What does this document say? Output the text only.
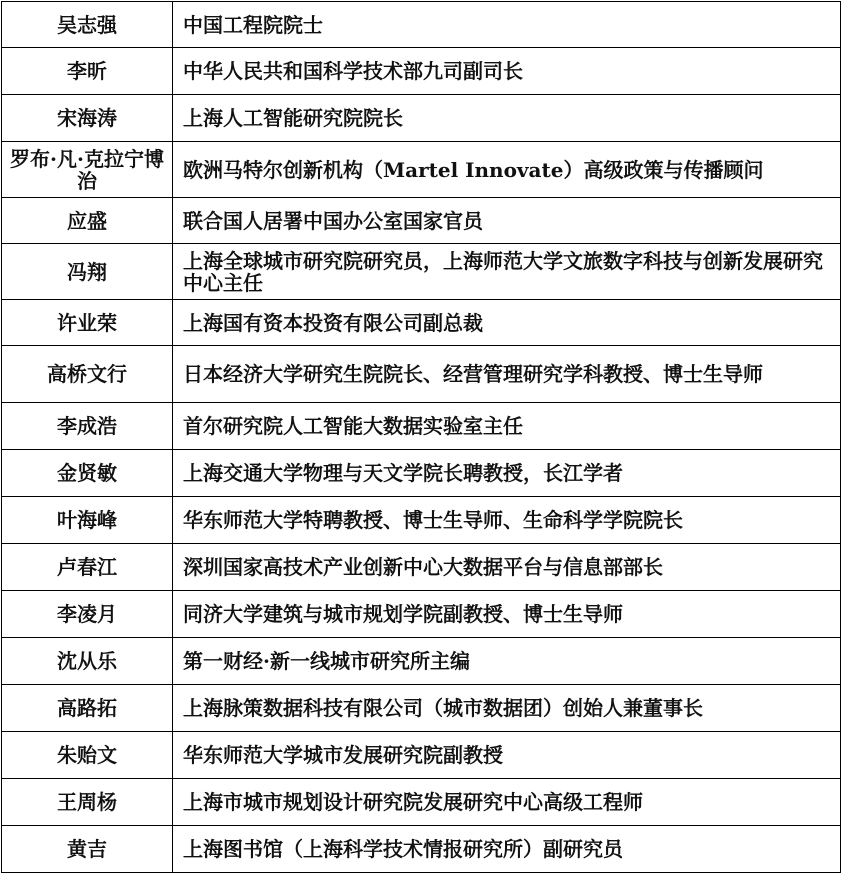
吴志强	中国工程院院士
李昕	中华人民共和国科学技术部九司副司长
宋海涛	上海人工智能研究院院长
罗布·凡·克拉宁博治	欧洲马特尔创新机构（Martel Innovate）高级政策与传播顾问
应盛	联合国人居署中国办公室国家官员
冯翔	上海全球城市研究院研究员，上海师范大学文旅数字科技与创新发展研究中心主任
许业荣	上海国有资本投资有限公司副总裁
高桥文行	日本经济大学研究生院院长、经营管理研究学科教授、博士生导师
李成浩	首尔研究院人工智能大数据实验室主任
金贤敏	上海交通大学物理与天文学院长聘教授，长江学者
叶海峰	华东师范大学特聘教授、博士生导师、生命科学学院院长
卢春江	深圳国家高技术产业创新中心大数据平台与信息部部长
李凌月	同济大学建筑与城市规划学院副教授、博士生导师
沈从乐	第一财经·新一线城市研究所主编
高路拓	上海脉策数据科技有限公司（城市数据团）创始人兼董事长
朱贻文	华东师范大学城市发展研究院副教授
王周杨	上海市城市规划设计研究院发展研究中心高级工程师
黄吉	上海图书馆（上海科学技术情报研究所）副研究员
